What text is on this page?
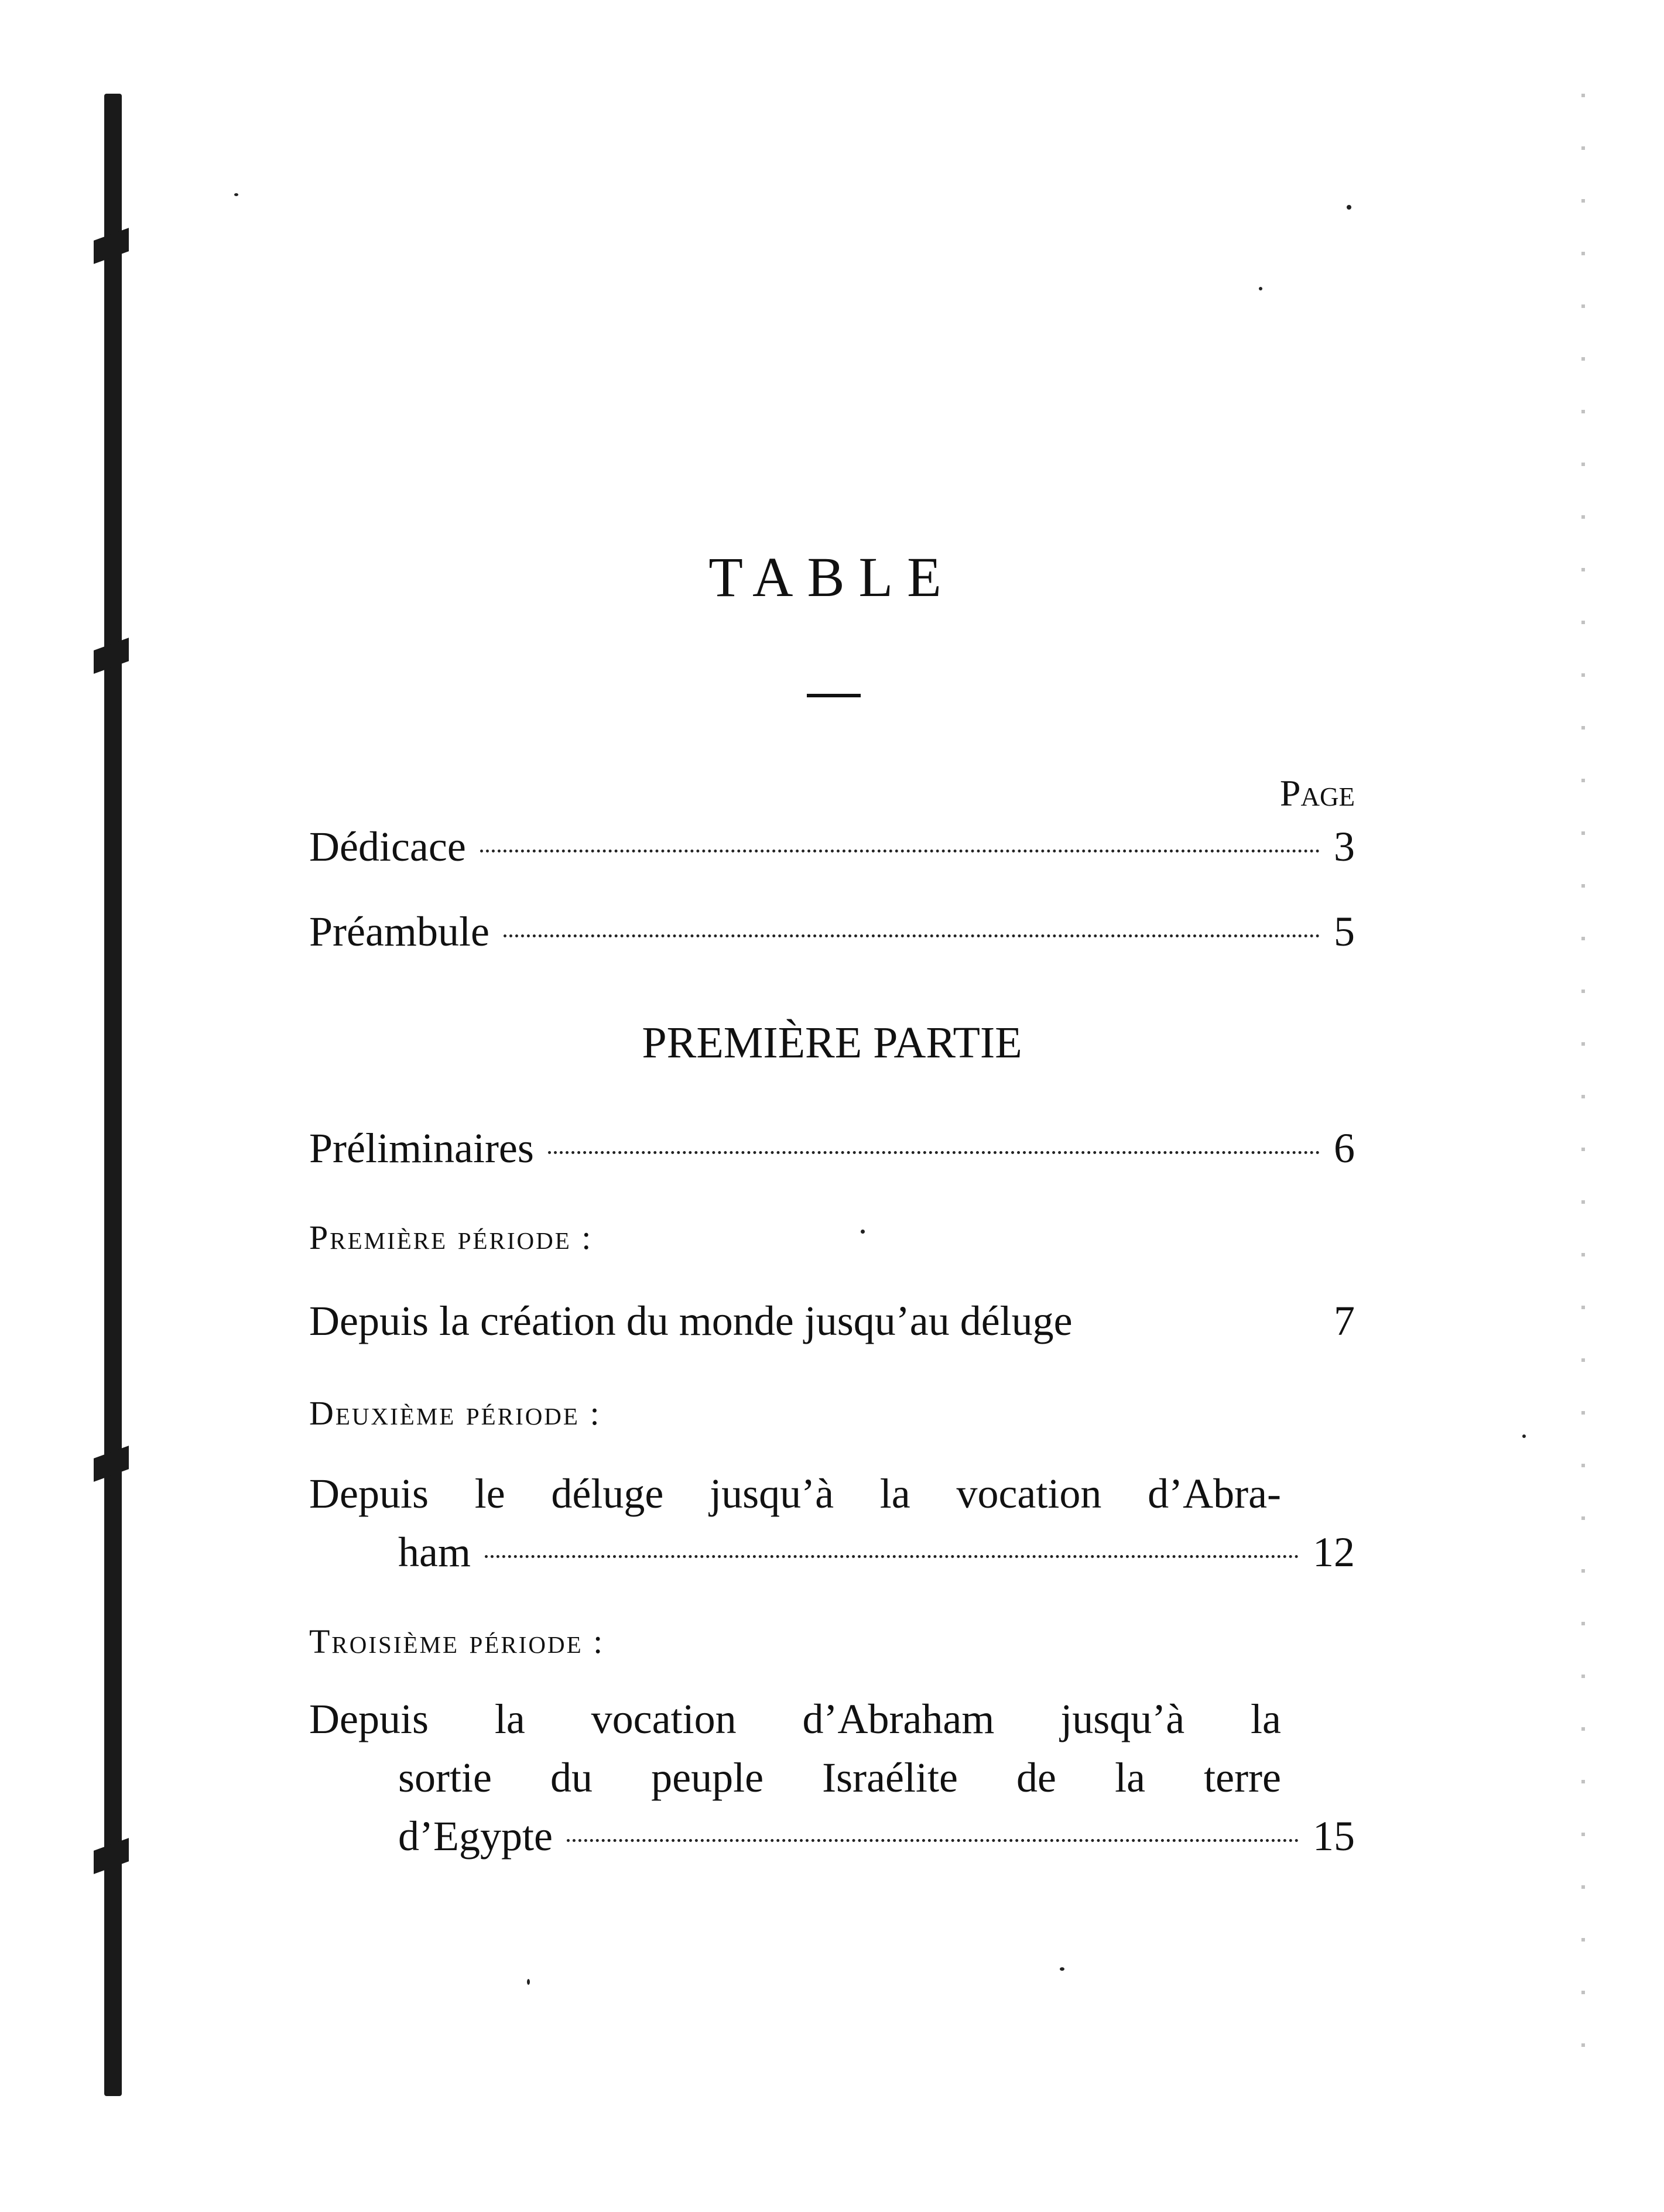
TABLE
Page
Dédicace	3
Préambule	5
PREMIÈRE PARTIE
Préliminaires	6
Première période :
Depuis la création du monde jusqu’au déluge	7
Deuxième période :
Depuis le déluge jusqu’à la vocation d’Abra-
ham	12
Troisième période :
Depuis la vocation d’Abraham jusqu’à la
sortie du peuple Israélite de la terre
d’Egypte	15
